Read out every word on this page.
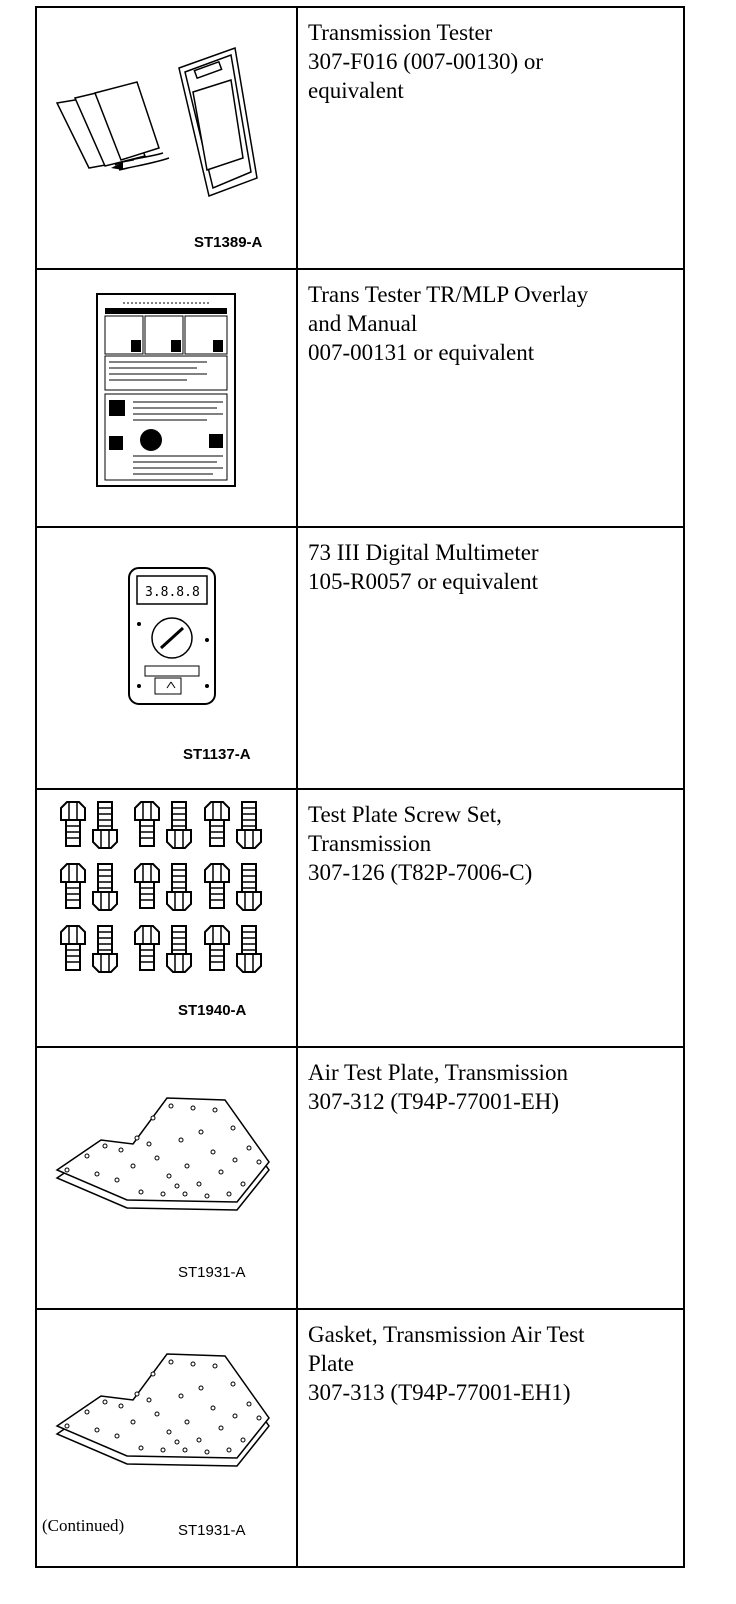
ST1389-A	Transmission Tester
307-F016 (007-00130) or
equivalent

Trans Tester TR/MLP Overlay
and Manual
007-00131 or equivalent

3.8.8.8
ST1137-A	73 III Digital Multimeter
105-R0057 or equivalent

ST1940-A	Test Plate Screw Set,
Transmission
307-126 (T82P-7006-C)

ST1931-A	Air Test Plate, Transmission
307-312 (T94P-77001-EH)

ST1931-A	Gasket, Transmission Air Test
Plate
307-313 (T94P-77001-EH1)
(Continued)
